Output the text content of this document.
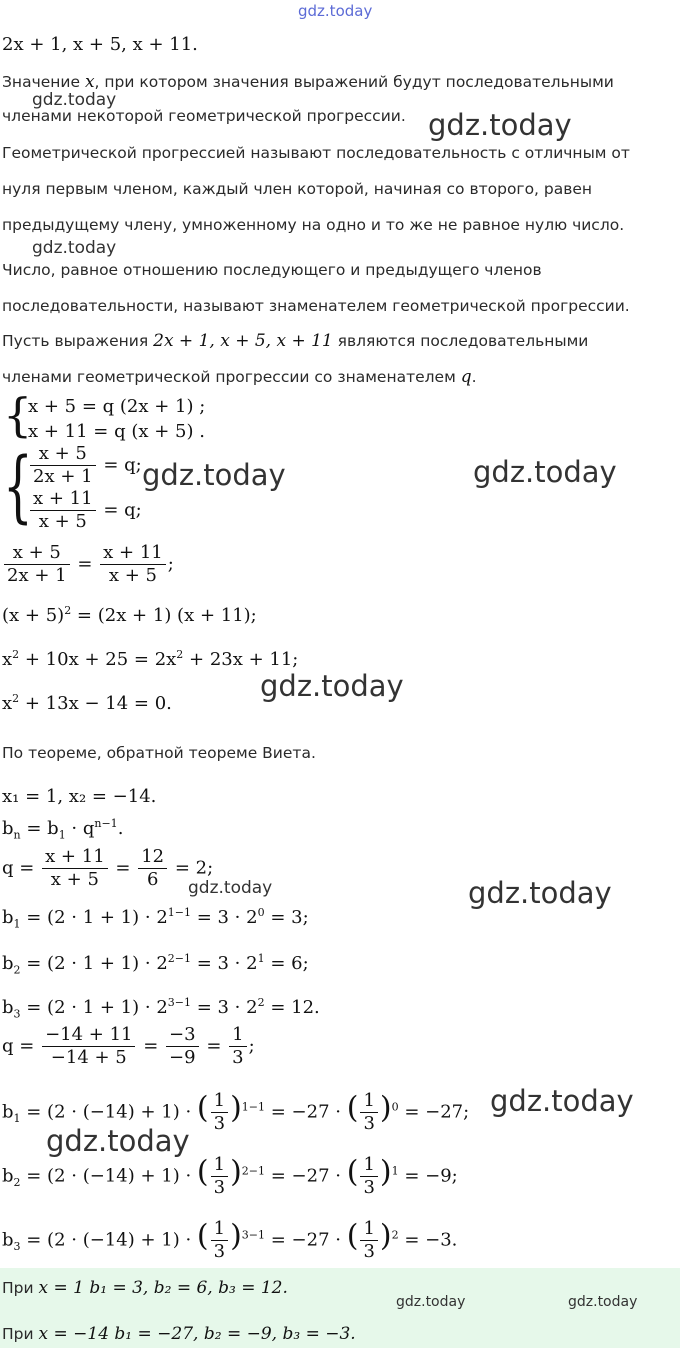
gdz.today
gdz.today
gdz.today
gdz.today
gdz.today	gdz.today
gdz.today
gdz.today	gdz.today
gdz.today
gdz.today
2x + 1, x + 5, x + 11.
Значение x, при котором значения выражений будут последовательными
членами некоторой геометрической прогрессии.
Геометрической прогрессией называют последовательность с отличным от
нуля первым членом, каждый член которой, начиная со второго, равен
предыдущему члену, умноженному на одно и то же не равное нулю число.
Число, равное отношению последующего и предыдущего членов
последовательности, называют знаменателем геометрической прогрессии.
Пусть выражения 2x + 1, x + 5, x + 11 являются последовательными
членами геометрической прогрессии со знаменателем q.
{
x + 5 = q (2x + 1) ;
x + 11 = q (x + 5) .
{
$\frac{x + 5}{2x + 1} = q$;
$\frac{x + 11}{x + 5} = q$;
$\frac{x + 5}{2x + 1} = \frac{x + 11}{x + 5}$ ;
$(x + 5)^2 = (2x + 1)$ (x + 11);
$x^2 + 10x + 25 = 2x^2 + 23x + 11$;
$x^2 + 13x - 14 = 0$.
По теореме, обратной теореме Виета.
x₁ = 1, x₂ = −14.
$b_n = b_1 \cdot q^{n-1}$.
$q = \frac{x + 11}{x + 5} = \frac{12}{6} = 2$;
$b_1 = (2 \cdot 1 + 1) \cdot 2^{1-1} = 3 \cdot 2^0 = 3$;
$b_2 = (2 \cdot 1 + 1) \cdot 2^{2-1} = 3 \cdot 2^1 = 6$;
$b_3 = (2 \cdot 1 + 1) \cdot 2^{3-1} = 3 \cdot 2^2 = 12$.
$q = \frac{-14 + 11}{-14 + 5} = \frac{-3}{-9} = \frac{1}{3}$ ;
$b_1 = (2 \cdot (-14) + 1)$ · ( $\frac{1}{3} )^{1-1} = -27$ · ( $\frac{1}{3} )^0 = -27$;
$b_2 = (2 \cdot (-14) + 1)$ · ( $\frac{1}{3} )^{2-1} = -27$ · ( $\frac{1}{3} )^1 = -9$;
$b_3 = (2 \cdot (-14) + 1)$ · ( $\frac{1}{3} )^{3-1} = -27$ · ( $\frac{1}{3} )^2 = -3$.
При x = 1 b₁ = 3, b₂ = 6, b₃ = 12.
При x = −14 b₁ = −27, b₂ = −9, b₃ = −3.
gdz.today	gdz.today
